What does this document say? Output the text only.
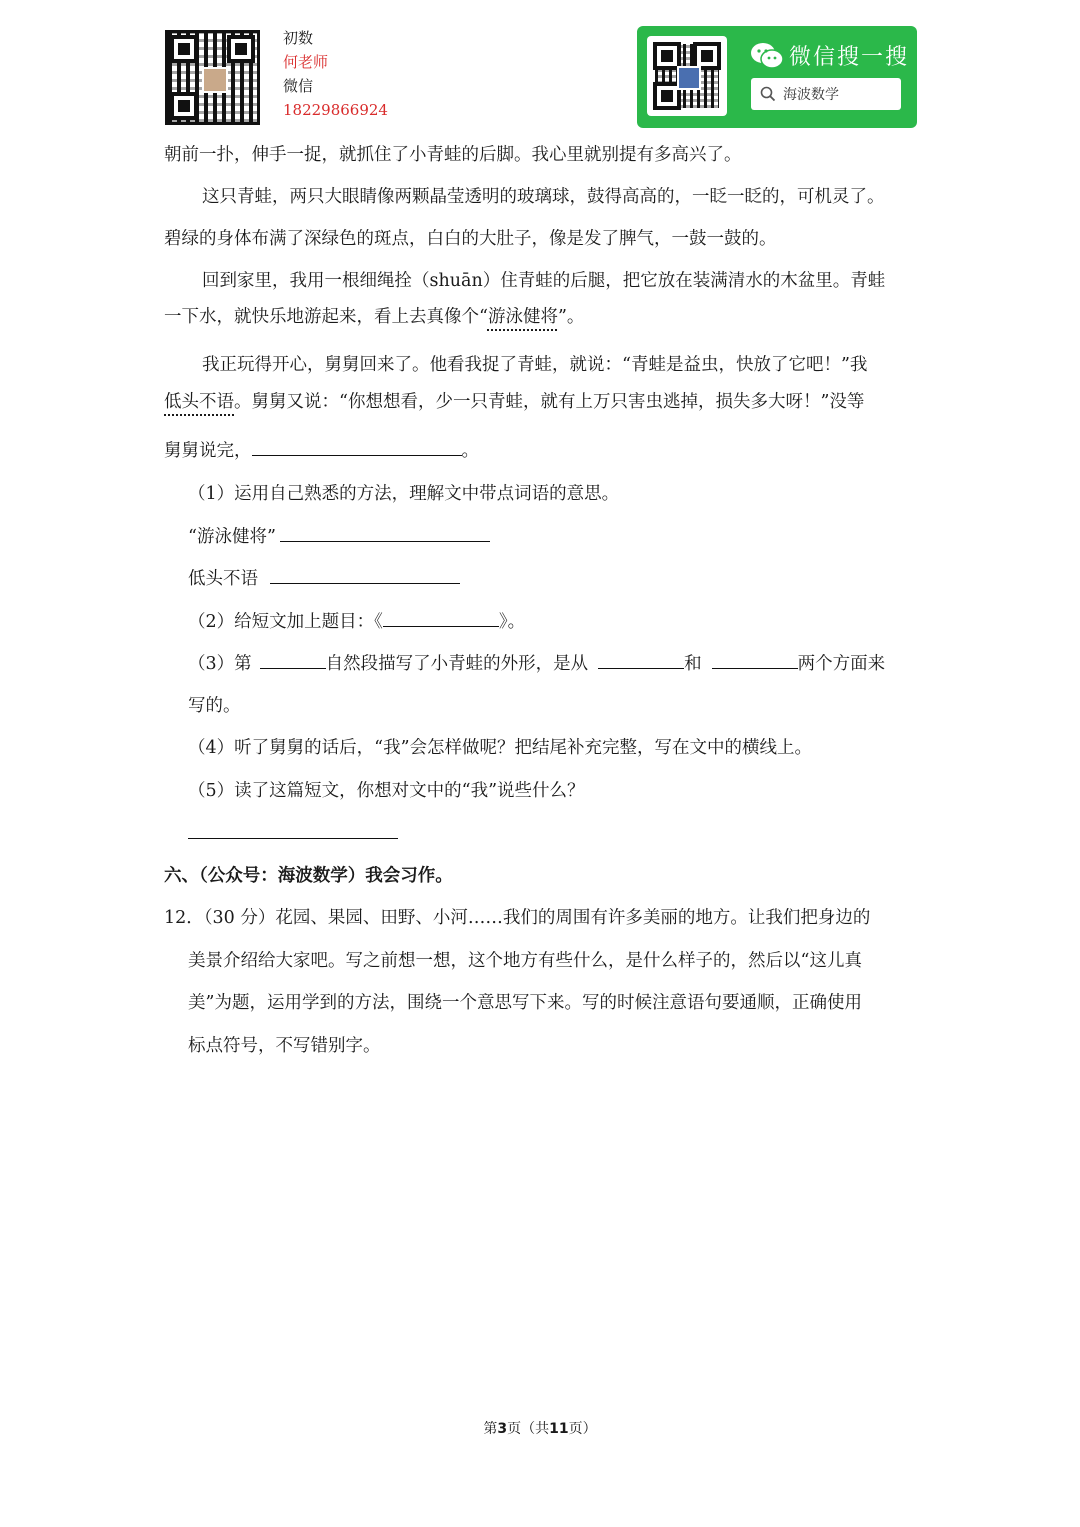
初数
何老师
微信
18229866924
微信搜一搜
海波数学
朝前一扑，伸手一捉，就抓住了小青蛙的后脚。我心里就别提有多高兴了。
这只青蛙，两只大眼睛像两颗晶莹透明的玻璃球，鼓得高高的，一眨一眨的，可机灵了。
碧绿的身体布满了深绿色的斑点，白白的大肚子，像是发了脾气，一鼓一鼓的。
回到家里，我用一根细绳拴（shuān）住青蛙的后腿，把它放在装满清水的木盆里。青蛙
一下水，就快乐地游起来，看上去真像个“游泳健将”。
我正玩得开心，舅舅回来了。他看我捉了青蛙，就说：“青蛙是益虫，快放了它吧！”我
低头不语。舅舅又说：“你想想看，少一只青蛙，就有上万只害虫逃掉，损失多大呀！”没等
舅舅说完，	。
（1）运用自己熟悉的方法，理解文中带点词语的意思。
“游泳健将”
低头不语
（2）给短文加上题目：《	》。
（3）第	自然段描写了小青蛙的外形，是从	和	两个方面来
写的。
（4）听了舅舅的话后，“我”会怎样做呢？把结尾补充完整，写在文中的横线上。
（5）读了这篇短文，你想对文中的“我”说些什么？
六、（公众号：海波数学）我会习作。
12．（30 分）花园、果园、田野、小河……我们的周围有许多美丽的地方。让我们把身边的
美景介绍给大家吧。写之前想一想，这个地方有些什么，是什么样子的，然后以“这儿真
美”为题，运用学到的方法，围绕一个意思写下来。写的时候注意语句要通顺，正确使用
标点符号，不写错别字。
第3页（共11页）
